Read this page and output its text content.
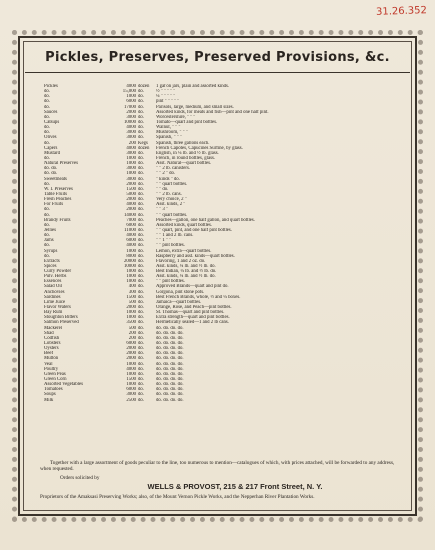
31.26.352
Pickles, Preserves, Preserved Provisions, &c.
Pickles	4000 dozen	1 gal'on jars, plain and assorted kinds.
do.	15,000 do.	½ " " " " "
do.	1000 do.	¼ " " " " "
do.	6000 do.	pint " " " " "
do.	17000 do.	Parisols, large, medium, and small sizes.
Sauces	2000 do.	Assorted kinds, for meats and fish—pint and one half pint.
do.	3000 do.	Worcestershire, " " "
Catsups	10000 do.	Tomato—quart and pint bottles.
do.	4000 do.	Walnut, " " "
do.	3000 do.	Mushroom, " " "
Olives	3000 do.	Spanish, " " "
do.	200 Kegs	Spanish, three gallons each.
Capers	4000 dozen	French Capotes, Capucines Surfine, by glass.
Mustard	3000 do.	English, in ¼ lb. and ½ lb. glass.
do.	1000 do.	French, in round bottles, glass.
Natural Preserves	1000 do.	Asst. Natural—quart bottles.
do. do.	3000 do.	" " 2 lb. canisters.
do. do.	1000 do.	" " 2 " do.
Sweetmeats	3000 do.	" kinds " do.
do.	2000 do.	" " quart bottles.
W. I. Preserves	1500 do.	" " do.
Table Fruits	5000 do.	" " 2 lb. cans.
Fresh Peaches	2000 do.	Very choice, 2 "
For Fruits	4000 do.	Asst. kinds, 2 "
do.	2000 do.	" " 3 "
do.	14000 do.	" " quart bottles.
Brandy Fruits	7000 do.	Peaches—gallon, one half gallon, and quart bottles.
do.	6000 do.	Assorted kinds, quart bottles.
Jellies	11000 do.	" " quart, pint, and one half pint bottles.
do.	4000 do.	" " 1 and 2 lb. cans.
Jams	6000 do.	" " 1 " "
do.	4000 do.	" " pint bottles.
Syrups	1000 do.	Lemon, extra—quart bottles.
do.	8000 do.	Raspberry and asst. kinds—quart bottles.
Extracts	20000 do.	Flavoring, 1 and 2 oz. do.
Spices	10000 do.	Asst. kinds, ¼ lb. and ½ lb. do.
Curry Powder	1000 do.	Best Indian, ¼ lb. and ½ lb. do.
Pulv. Herbs	1000 do.	Asst. kinds, ¼ lb. and ½ lb. do.
Essences	1000 do.	" " pint bottles.
Salad Oil	400 do.	Approved Brands—quart and pint do.
Anchovies	300 do.	Gorgona, pint stone pots.
Sardines	1500 do.	Best French Brands, whole, ½ and ¼ boxes.
Lime Juice	500 do.	Jamaica—quart bottles.
Flavor Waters	2000 do.	Orange, Rose, and Peach—pint bottles.
Bay Rum	1000 do.	St. Thomas—quart and pint bottles.
Stoughton Bitters	1000 do.	Extra strength—quart and pint bottles.
Salmon Preserved	3500 do.	Hermetically sealed—1 and 2 lb cans.
Mackerel	500 do.	do. do. do. do.
Shad	200 do.	do. do. do. do.
Codfish	200 do.	do. do. do. do.
Lobsters	6000 do.	do. do. do. do.
Oysters	2000 do.	do. do. do. do.
Beef	2000 do.	do. do. do. do.
Mutton	2000 do.	do. do. do. do.
Veal	1000 do.	do. do. do. do.
Poultry	4000 do.	do. do. do. do.
Green Peas	1000 do.	do. do. do. do.
Green Corn	1500 do.	do. do. do. do.
Assorted Vegetables	1000 do.	do. do. do. do.
Tomatoes	6000 do.	do. do. do. do.
Soups	3000 do.	do. do. do. do.
Milk	2500 do.	do. do. do. do.
Together with a large assortment of goods peculiar to the line, too numerous to mention—catalogues of which, with prices attached, will be forwarded to any address, when requested.
Orders solicited by
WELLS & PROVOST, 215 & 217 Front Street, N. Y.
Proprietors of the Amaksasi Preserving Works; also, of the Mount Vernon Pickle Works, and the Nepperhan River Plantation Works.
